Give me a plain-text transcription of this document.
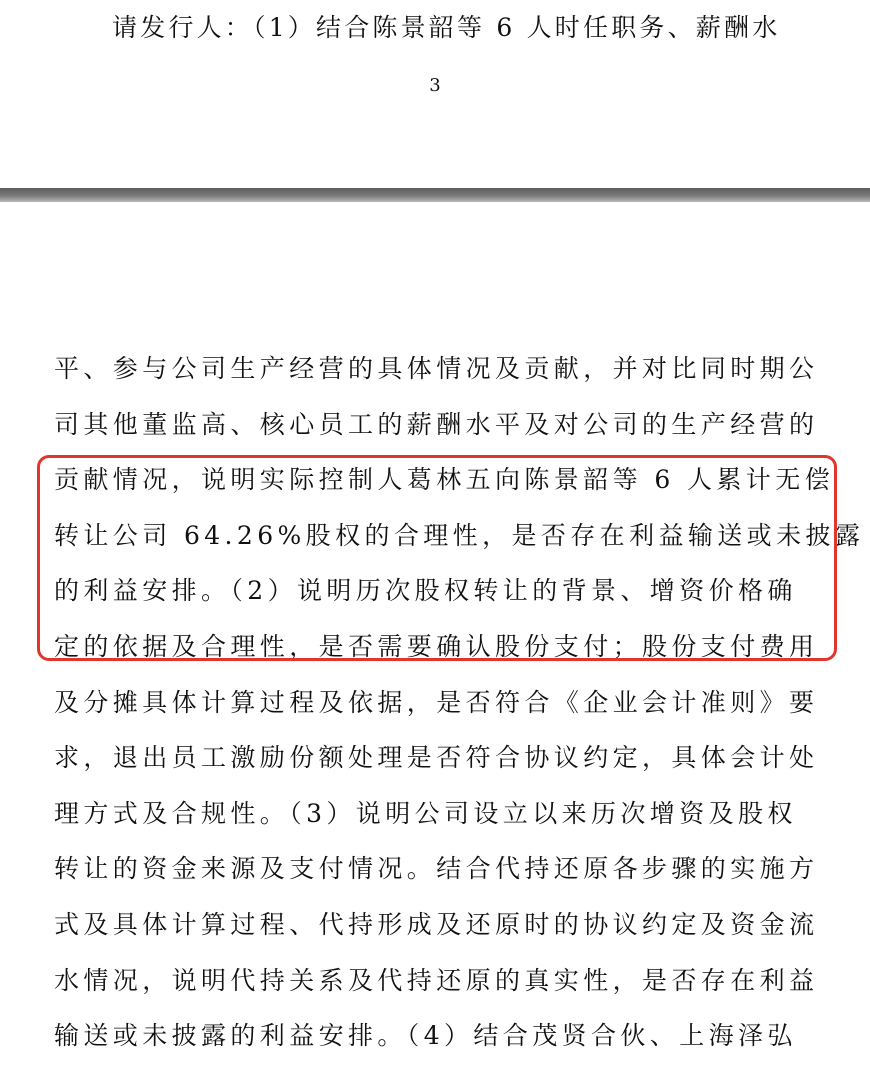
请发行人：（1）结合陈景韶等 6 人时任职务、薪酬水
3
平、参与公司生产经营的具体情况及贡献，并对比同时期公
司其他董监高、核心员工的薪酬水平及对公司的生产经营的
贡献情况，说明实际控制人葛林五向陈景韶等 6 人累计无偿
转让公司 64.26%股权的合理性，是否存在利益输送或未披露
的利益安排。（2）说明历次股权转让的背景、增资价格确
定的依据及合理性，是否需要确认股份支付；股份支付费用
及分摊具体计算过程及依据，是否符合《企业会计准则》要
求，退出员工激励份额处理是否符合协议约定，具体会计处
理方式及合规性。（3）说明公司设立以来历次增资及股权
转让的资金来源及支付情况。结合代持还原各步骤的实施方
式及具体计算过程、代持形成及还原时的协议约定及资金流
水情况，说明代持关系及代持还原的真实性，是否存在利益
输送或未披露的利益安排。（4）结合茂贤合伙、上海泽弘
